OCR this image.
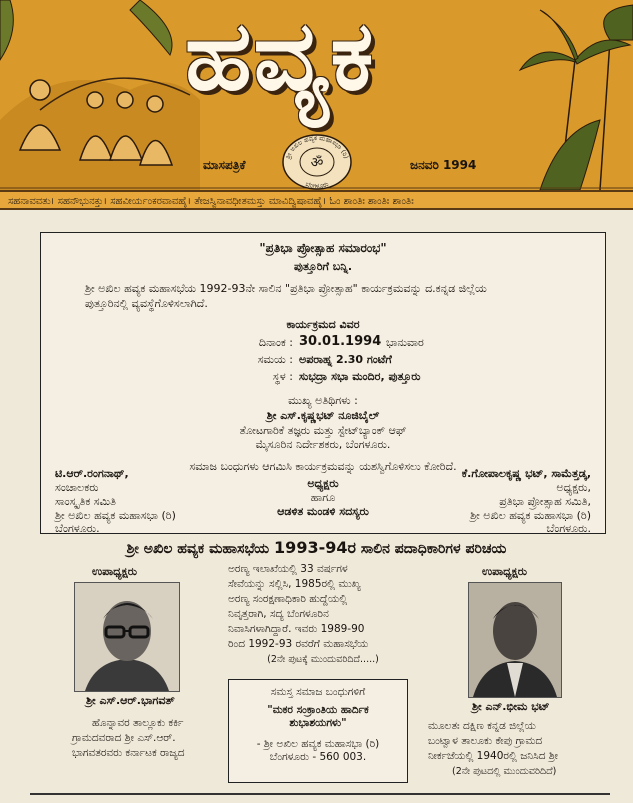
ಹವ್ಯಕ
ಮಾಸಪತ್ರಿಕೆ	ಜನವರಿ 1994
ಶ್ರೀ ಅಖಿಲ ಹವ್ಯಕ ಮಹಾಸಭಾ (ರಿ)
ಬೆಂಗಳೂರು
ॐ
ಸಹನಾವವತು। ಸಹನೌಭುನಕ್ತು। ಸಹವೀರ್ಯಂಕರವಾವಹೈ। ತೇಜಸ್ವಿನಾವಧೀತಮಸ್ತು ಮಾವಿದ್ವಿಷಾವಹೈ। ಓಂ ಶಾಂತಿಃ ಶಾಂತಿಃ ಶಾಂತಿಃ
"ಪ್ರತಿಭಾ ಪ್ರೋತ್ಸಾಹ ಸಮಾರಂಭ"
ಪುತ್ತೂರಿಗೆ ಬನ್ನಿ.
ಶ್ರೀ ಅಖಿಲ ಹವ್ಯಕ ಮಹಾಸಭೆಯ 1992-93ನೇ ಸಾಲಿನ "ಪ್ರತಿಭಾ ಪ್ರೋತ್ಸಾಹ" ಕಾರ್ಯಕ್ರಮವನ್ನು ದ.ಕನ್ನಡ ಜಿಲ್ಲೆಯ
ಪುತ್ತೂರಿನಲ್ಲಿ ವ್ಯವಸ್ಥೆಗೊಳಿಸಲಾಗಿದೆ.
ಕಾರ್ಯಕ್ರಮದ ವಿವರ
ದಿನಾಂಕ : 30.01.1994 ಭಾನುವಾರ
ಸಮಯ : ಅಪರಾಹ್ನ 2.30 ಗಂಟೆಗೆ
ಸ್ಥಳ : ಸುಭದ್ರಾ ಸಭಾ ಮಂದಿರ, ಪುತ್ತೂರು
ಮುಖ್ಯ ಅತಿಥಿಗಳು :
ಶ್ರೀ ಎಸ್.ಕೃಷ್ಣಭಟ್ ನೂಜಿಬೈಲ್
ತೋಟಗಾರಿಕೆ ತಜ್ಞರು ಮತ್ತು ಸ್ಟೇಟ್‌ಬ್ಯಾಂಕ್ ಆಫ್
ಮೈಸೂರಿನ ನಿರ್ದೇಶಕರು, ಬೆಂಗಳೂರು.
ಸಮಾಜ ಬಂಧುಗಳು ಆಗಮಿಸಿ ಕಾರ್ಯಕ್ರಮವನ್ನು ಯಶಸ್ವಿಗೊಳಿಸಲು ಕೋರಿದೆ.
ಅಧ್ಯಕ್ಷರು
ಹಾಗೂ
ಆಡಳಿತ ಮಂಡಳಿ ಸದಸ್ಯರು
ಟಿ.ಆರ್.ರಂಗನಾಥ್,
ಸಂಚಾಲಕರು
ಸಾಂಸ್ಕೃತಿಕ ಸಮಿತಿ
ಶ್ರೀ ಅಖಿಲ ಹವ್ಯಕ ಮಹಾಸಭಾ (ರಿ)
ಬೆಂಗಳೂರು.
ಕೆ.ಗೋಪಾಲಕೃಷ್ಣ ಭಟ್, ಸಾಮೆತ್ತಡ್ಕ,
ಅಧ್ಯಕ್ಷರು,
ಪ್ರತಿಭಾ ಪ್ರೋತ್ಸಾಹ ಸಮಿತಿ,
ಶ್ರೀ ಅಖಿಲ ಹವ್ಯಕ ಮಹಾಸಭಾ (ರಿ)
ಬೆಂಗಳೂರು.
ಶ್ರೀ ಅಖಿಲ ಹವ್ಯಕ ಮಹಾಸಭೆಯ 1993-94ರ ಸಾಲಿನ ಪದಾಧಿಕಾರಿಗಳ ಪರಿಚಯ
ಉಪಾಧ್ಯಕ್ಷರು
ಶ್ರೀ ಎಸ್.ಆರ್.ಭಾಗವತ್
ಹೊನ್ನಾವರ ತಾಲ್ಲೂಕು ಕರ್ಕಿ
ಗ್ರಾಮದವರಾದ ಶ್ರೀ ಎಸ್.ಆರ್.
ಭಾಗವತರವರು ಕರ್ನಾಟಕ ರಾಜ್ಯದ
ಅರಣ್ಯ ಇಲಾಖೆಯಲ್ಲಿ 33 ವರ್ಷಗಳ
ಸೇವೆಯನ್ನು ಸಲ್ಲಿಸಿ, 1985ರಲ್ಲಿ ಮುಖ್ಯ
ಅರಣ್ಯ ಸಂರಕ್ಷಣಾಧಿಕಾರಿ ಹುದ್ದೆಯಲ್ಲಿ
ನಿವೃತ್ತರಾಗಿ, ಸದ್ಯ ಬೆಂಗಳೂರಿನ
ನಿವಾಸಿಗಳಾಗಿದ್ದಾರೆ. ಇವರು 1989-90
ರಿಂದ 1992-93 ರವರೆಗೆ ಮಹಾಸಭೆಯ
(2ನೇ ಪುಟಕ್ಕೆ ಮುಂದುವರಿದಿದೆ.....)
ಉಪಾಧ್ಯಕ್ಷರು
ಶ್ರೀ ಎನ್.ಭೀಮ ಭಟ್
ಮೂಲತಃ ದಕ್ಷಿಣ ಕನ್ನಡ ಜಿಲ್ಲೆಯ
ಬಂಟ್ವಾಳ ತಾಲೂಕು ಕೇಪು ಗ್ರಾಮದ
ನೀರ್ಕಜೆಯಲ್ಲಿ 1940ರಲ್ಲಿ ಜನಿಸಿದ ಶ್ರೀ
(2ನೇ ಪುಟದಲ್ಲಿ ಮುಂದುವರಿದಿದೆ)
ಸಮಸ್ತ ಸಮಾಜ ಬಂಧುಗಳಿಗೆ
"ಮಕರ ಸಂಕ್ರಾಂತಿಯ ಹಾರ್ದಿಕ
ಶುಭಾಶಯಗಳು"
- ಶ್ರೀ ಅಖಿಲ ಹವ್ಯಕ ಮಹಾಸಭಾ (ರಿ)
ಬೆಂಗಳೂರು - 560 003.
